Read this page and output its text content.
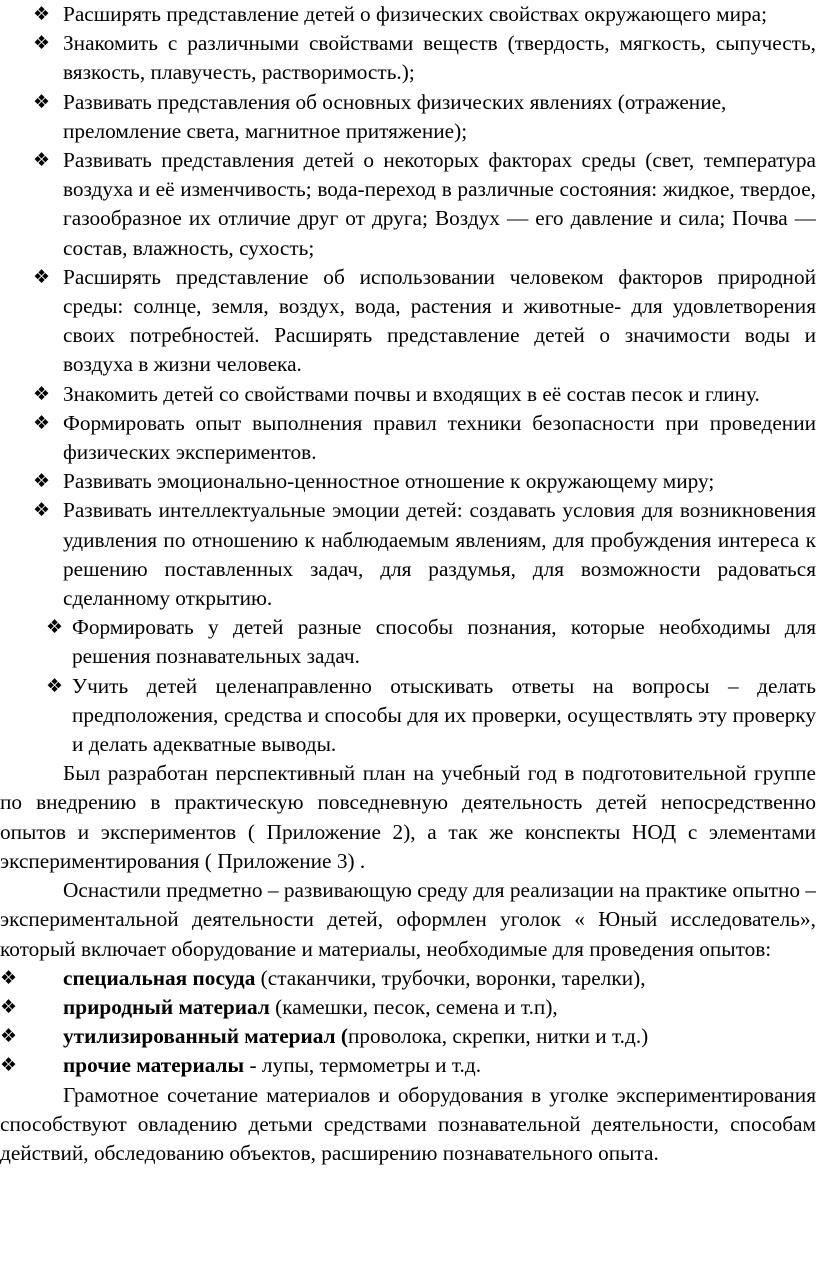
❖ Расширять представление детей о физических свойствах окружающего мира;
❖ Знакомить с различными свойствами веществ (твердость, мягкость, сыпучесть, вязкость, плавучесть, растворимость.);
❖ Развивать представления об основных физических явлениях (отражение, преломление света, магнитное притяжение);
❖ Развивать представления детей о некоторых факторах среды (свет, температура воздуха и её изменчивость; вода-переход в различные состояния: жидкое, твердое, газообразное их отличие друг от друга; Воздух — его давление и сила; Почва — состав, влажность, сухость;
❖ Расширять представление об использовании человеком факторов природной среды: солнце, земля, воздух, вода, растения и животные- для удовлетворения своих потребностей. Расширять представление детей о значимости воды и воздуха в жизни человека.
❖ Знакомить детей со свойствами почвы и входящих в её состав песок и глину.
❖ Формировать опыт выполнения правил техники безопасности при проведении физических экспериментов.
❖ Развивать эмоционально-ценностное отношение к окружающему миру;
❖ Развивать интеллектуальные эмоции детей: создавать условия для возникновения удивления по отношению к наблюдаемым явлениям, для пробуждения интереса к решению поставленных задач, для раздумья, для возможности радоваться сделанному открытию.
❖ Формировать у детей разные способы познания, которые необходимы для решения познавательных задач.
❖ Учить детей целенаправленно отыскивать ответы на вопросы – делать предположения, средства и способы для их проверки, осуществлять эту проверку и делать адекватные выводы.

Был разработан перспективный план на учебный год в подготовительной группе по внедрению в практическую повседневную деятельность детей непосредственно опытов и экспериментов ( Приложение 2), а так же конспекты НОД с элементами экспериментирования ( Приложение 3) .

Оснастили предметно – развивающую среду для реализации на практике опытно – экспериментальной деятельности детей, оформлен уголок « Юный исследователь», который включает оборудование и материалы, необходимые для проведения опытов:

❖ специальная посуда (стаканчики, трубочки, воронки, тарелки),
❖ природный материал (камешки, песок, семена и т.п),
❖ утилизированный материал (проволока, скрепки, нитки и т.д.)
❖ прочие материалы - лупы, термометры и т.д.

Грамотное сочетание материалов и оборудования в уголке экспериментирования способствуют овладению детьми средствами познавательной деятельности, способам действий, обследованию объектов, расширению познавательного опыта.
